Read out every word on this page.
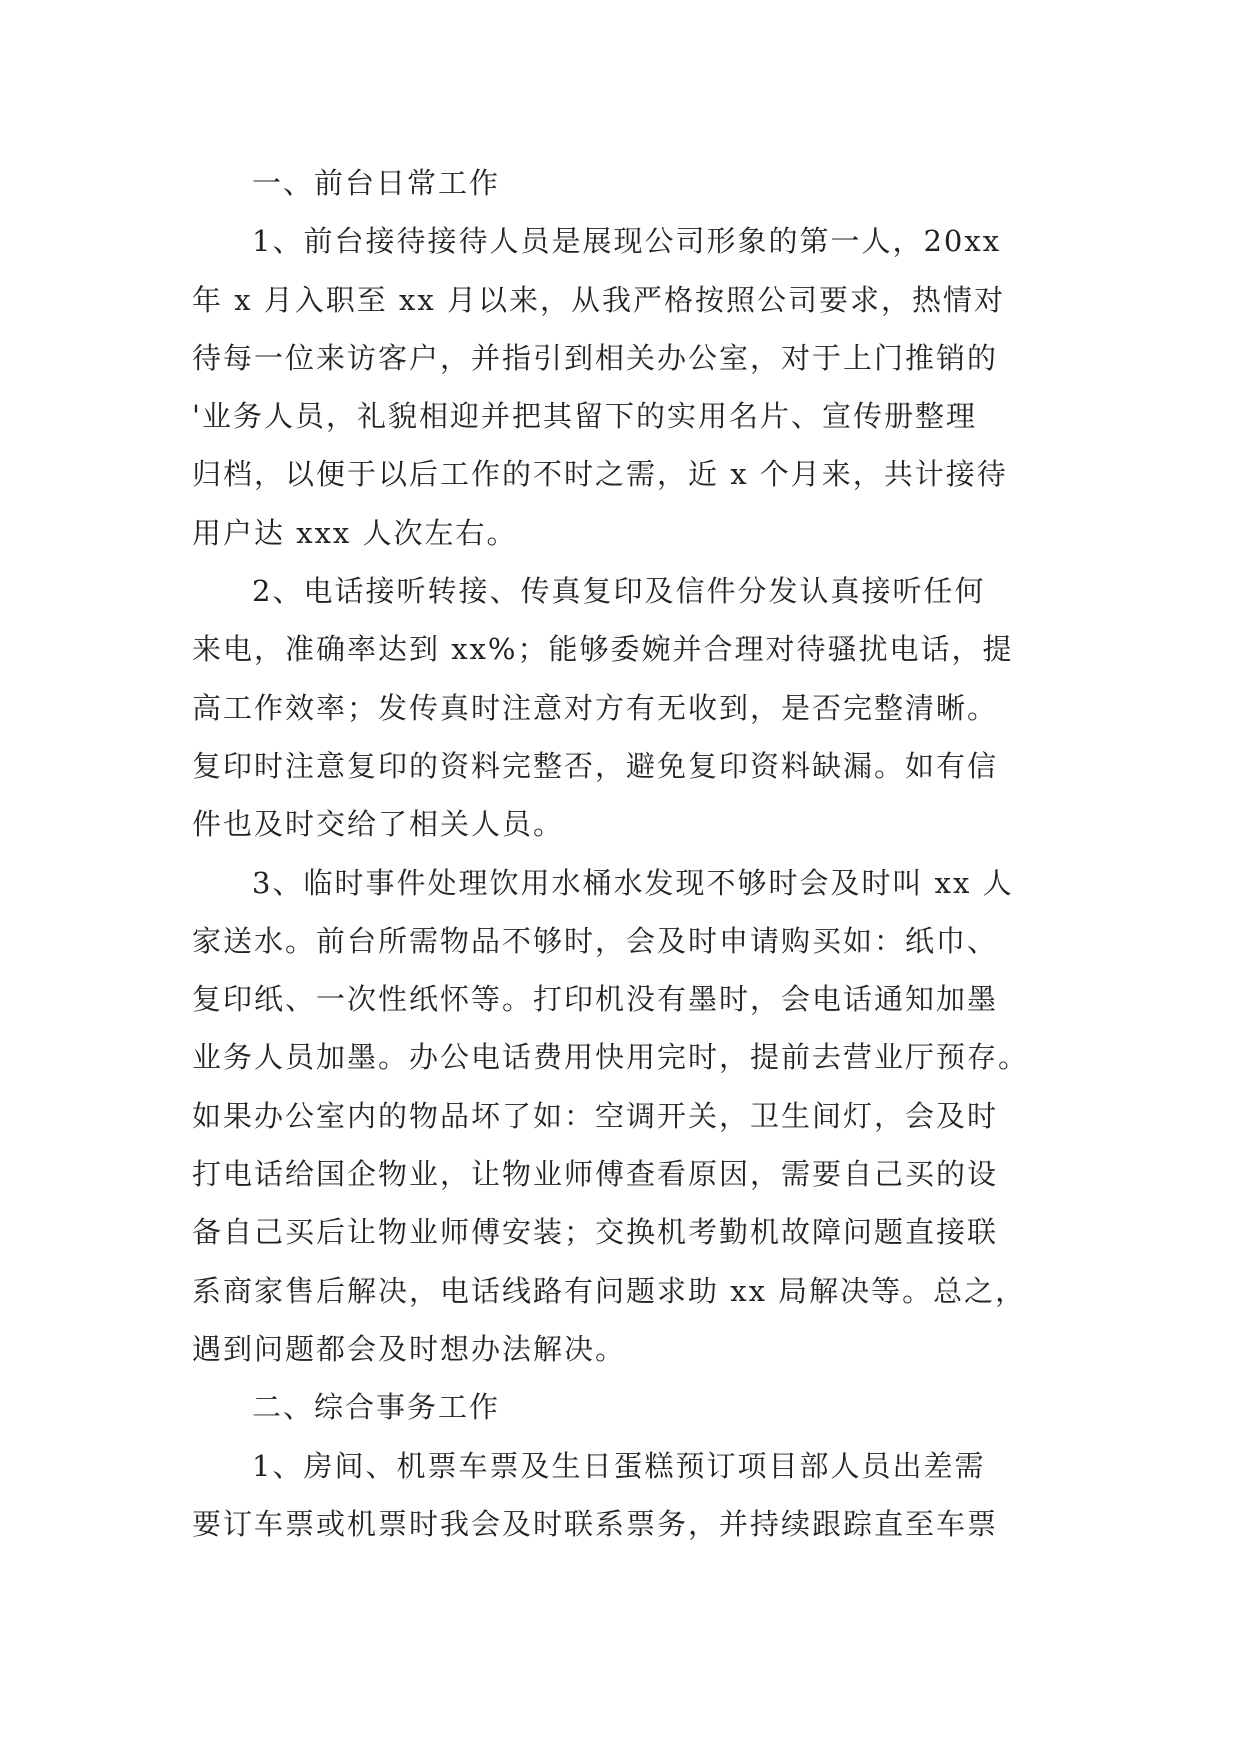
一、前台日常工作
1、前台接待接待人员是展现公司形象的第一人，20xx
年 x 月入职至 xx 月以来，从我严格按照公司要求，热情对
待每一位来访客户，并指引到相关办公室，对于上门推销的
'业务人员，礼貌相迎并把其留下的实用名片、宣传册整理
归档，以便于以后工作的不时之需，近 x 个月来，共计接待
用户达 xxx 人次左右。
2、电话接听转接、传真复印及信件分发认真接听任何
来电，准确率达到 xx%；能够委婉并合理对待骚扰电话，提
高工作效率；发传真时注意对方有无收到，是否完整清晰。
复印时注意复印的资料完整否，避免复印资料缺漏。如有信
件也及时交给了相关人员。
3、临时事件处理饮用水桶水发现不够时会及时叫 xx 人
家送水。前台所需物品不够时，会及时申请购买如：纸巾、
复印纸、一次性纸怀等。打印机没有墨时，会电话通知加墨
业务人员加墨。办公电话费用快用完时，提前去营业厅预存。
如果办公室内的物品坏了如：空调开关，卫生间灯，会及时
打电话给国企物业，让物业师傅查看原因，需要自己买的设
备自己买后让物业师傅安装；交换机考勤机故障问题直接联
系商家售后解决，电话线路有问题求助 xx 局解决等。总之，
遇到问题都会及时想办法解决。
二、综合事务工作
1、房间、机票车票及生日蛋糕预订项目部人员出差需
要订车票或机票时我会及时联系票务，并持续跟踪直至车票
